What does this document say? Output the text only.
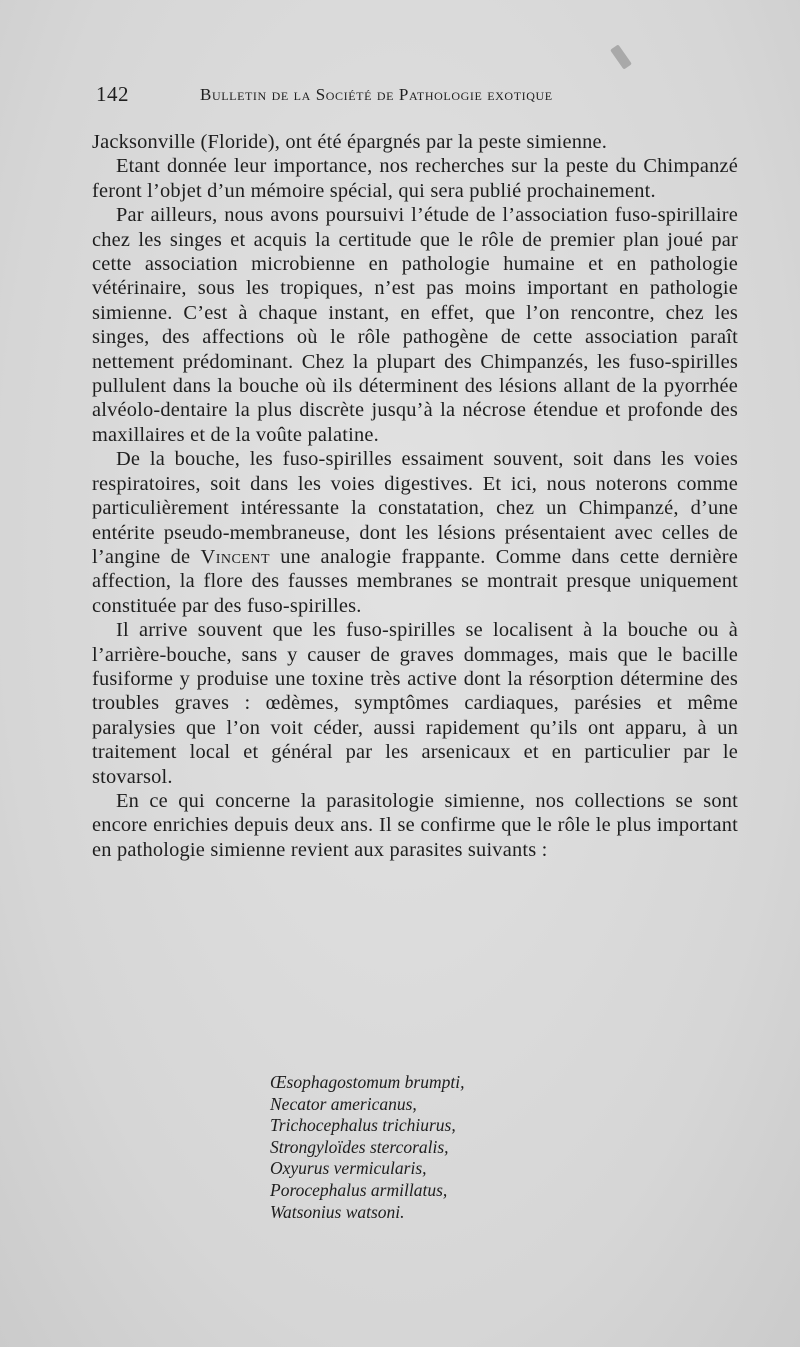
142	Bulletin de la Société de Pathologie exotique

Jacksonville (Floride), ont été épargnés par la peste simienne.

Etant donnée leur importance, nos recherches sur la peste du Chimpanzé feront l’objet d’un mémoire spécial, qui sera publié prochainement.

Par ailleurs, nous avons poursuivi l’étude de l’association fuso-spirillaire chez les singes et acquis la certitude que le rôle de premier plan joué par cette association microbienne en pathologie humaine et en pathologie vétérinaire, sous les tropiques, n’est pas moins important en pathologie simienne. C’est à chaque instant, en effet, que l’on rencontre, chez les singes, des affections où le rôle pathogène de cette association paraît nettement prédominant. Chez la plupart des Chimpanzés, les fuso-spirilles pullulent dans la bouche où ils déterminent des lésions allant de la pyorrhée alvéolo-dentaire la plus discrète jusqu’à la nécrose étendue et profonde des maxillaires et de la voûte palatine.

De la bouche, les fuso-spirilles essaiment souvent, soit dans les voies respiratoires, soit dans les voies digestives. Et ici, nous noterons comme particulièrement intéressante la constatation, chez un Chimpanzé, d’une entérite pseudo-membraneuse, dont les lésions présentaient avec celles de l’angine de Vincent une analogie frappante. Comme dans cette dernière affection, la flore des fausses membranes se montrait presque uniquement constituée par des fuso-spirilles.

Il arrive souvent que les fuso-spirilles se localisent à la bouche ou à l’arrière-bouche, sans y causer de graves dommages, mais que le bacille fusiforme y produise une toxine très active dont la résorption détermine des troubles graves : œdèmes, symptômes cardiaques, parésies et même paralysies que l’on voit céder, aussi rapidement qu’ils ont apparu, à un traitement local et général par les arsenicaux et en particulier par le stovarsol.

En ce qui concerne la parasitologie simienne, nos collections se sont encore enrichies depuis deux ans. Il se confirme que le rôle le plus important en pathologie simienne revient aux parasites suivants :

Œsophagostomum brumpti,
Necator americanus,
Trichocephalus trichiurus,
Strongyloïdes stercoralis,
Oxyurus vermicularis,
Porocephalus armillatus,
Watsonius watsoni.
